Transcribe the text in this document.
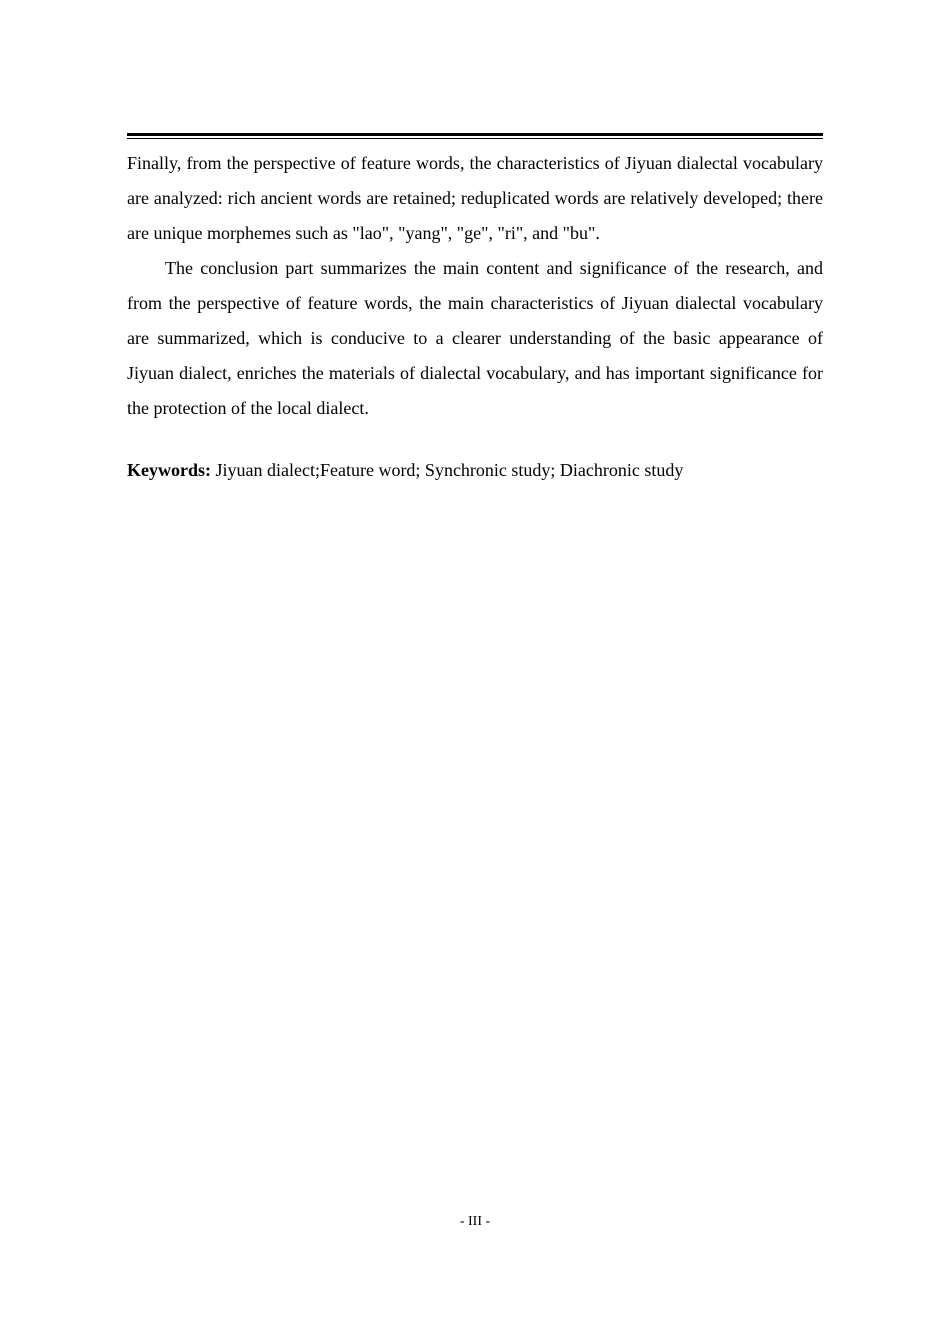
Finally, from the perspective of feature words, the characteristics of Jiyuan dialectal vocabulary are analyzed: rich ancient words are retained; reduplicated words are relatively developed; there are unique morphemes such as "lao", "yang", "ge", "ri", and "bu".

The conclusion part summarizes the main content and significance of the research, and from the perspective of feature words, the main characteristics of Jiyuan dialectal vocabulary are summarized, which is conducive to a clearer understanding of the basic appearance of Jiyuan dialect, enriches the materials of dialectal vocabulary, and has important significance for the protection of the local dialect.

Keywords: Jiyuan dialect;Feature word; Synchronic study; Diachronic study

- III -
